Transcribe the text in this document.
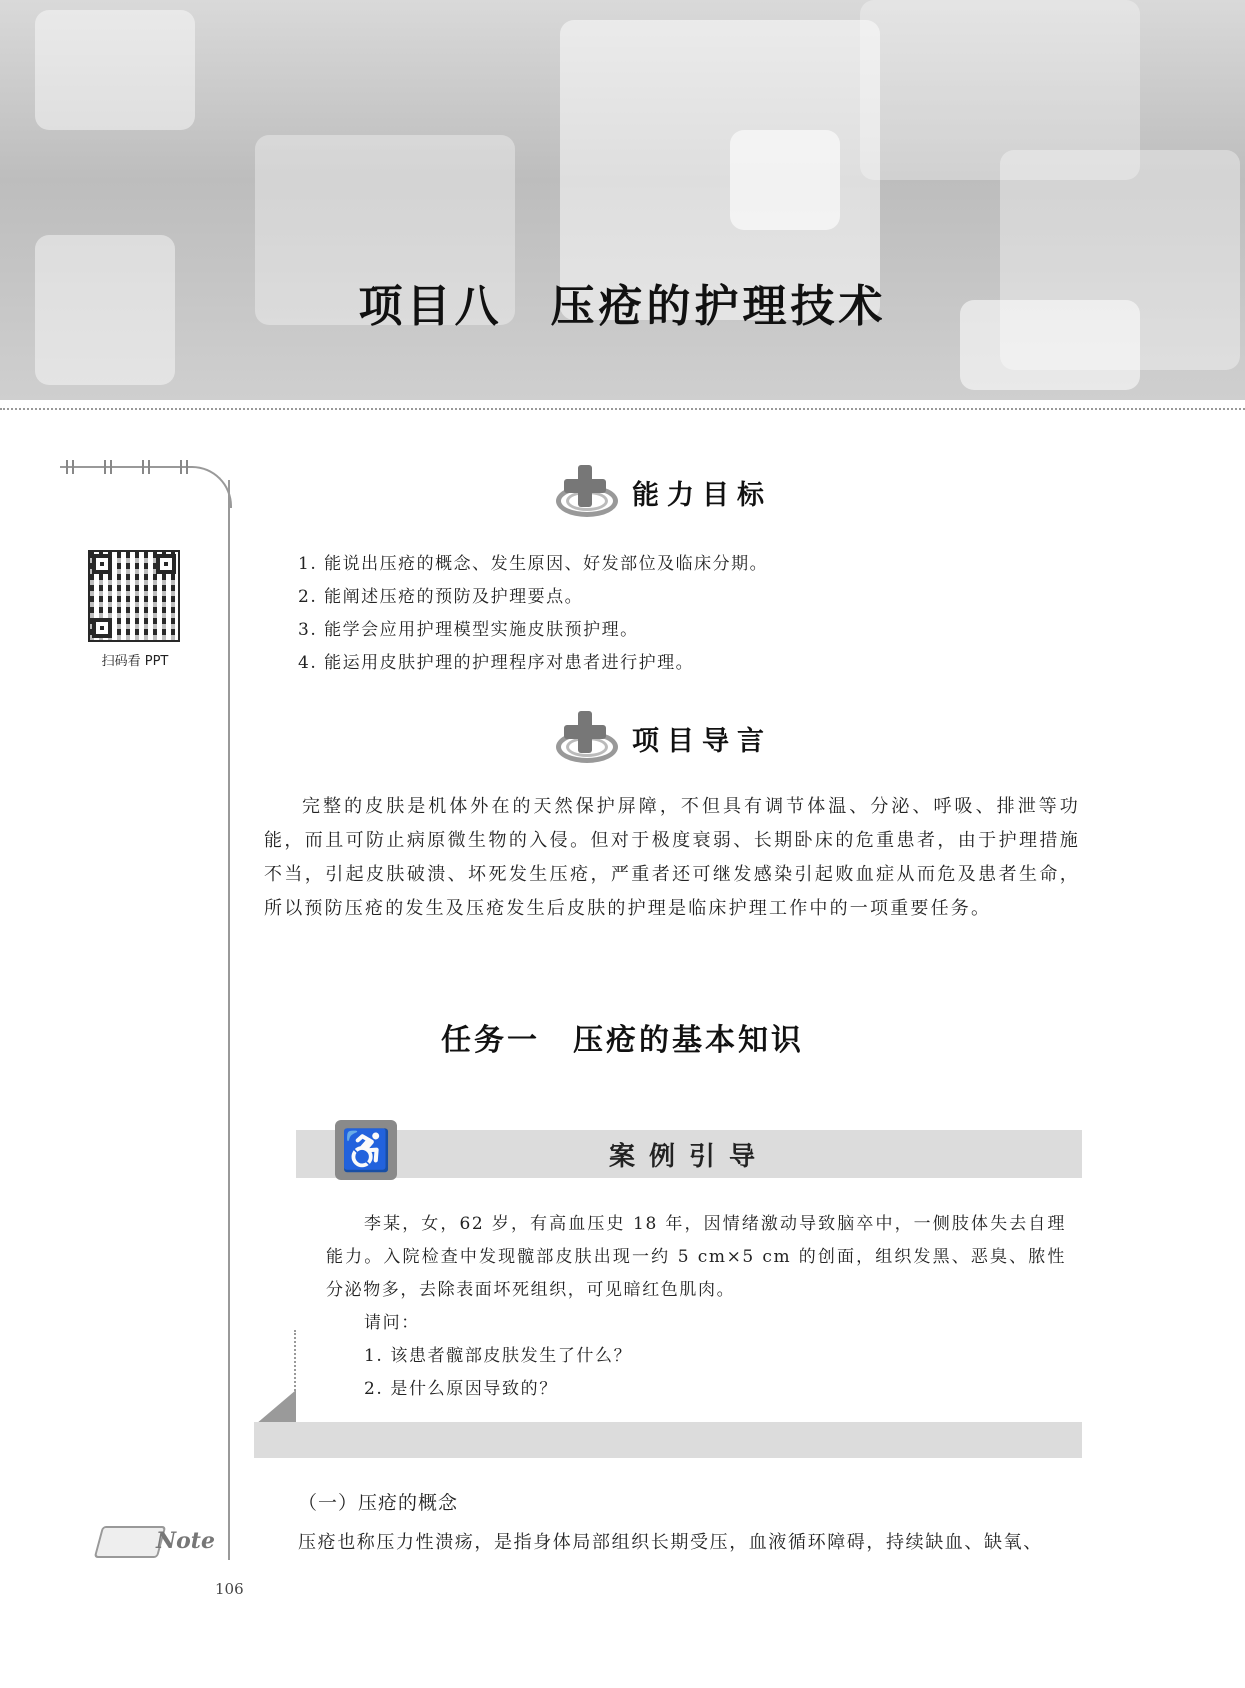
项目八　压疮的护理技术
扫码看 PPT
能力目标
1. 能说出压疮的概念、发生原因、好发部位及临床分期。
2. 能阐述压疮的预防及护理要点。
3. 能学会应用护理模型实施皮肤预护理。
4. 能运用皮肤护理的护理程序对患者进行护理。
项目导言
完整的皮肤是机体外在的天然保护屏障，不但具有调节体温、分泌、呼吸、排泄等功能，而且可防止病原微生物的入侵。但对于极度衰弱、长期卧床的危重患者，由于护理措施不当，引起皮肤破溃、坏死发生压疮，严重者还可继发感染引起败血症从而危及患者生命，所以预防压疮的发生及压疮发生后皮肤的护理是临床护理工作中的一项重要任务。
任务一　压疮的基本知识
♿	案例引导
李某，女，62 岁，有高血压史 18 年，因情绪激动导致脑卒中，一侧肢体失去自理能力。入院检查中发现髋部皮肤出现一约 5 cm×5 cm 的创面，组织发黑、恶臭、脓性分泌物多，去除表面坏死组织，可见暗红色肌肉。
请问：
1. 该患者髋部皮肤发生了什么？
2. 是什么原因导致的？
（一）压疮的概念
压疮也称压力性溃疡，是指身体局部组织长期受压，血液循环障碍，持续缺血、缺氧、
Note
106
